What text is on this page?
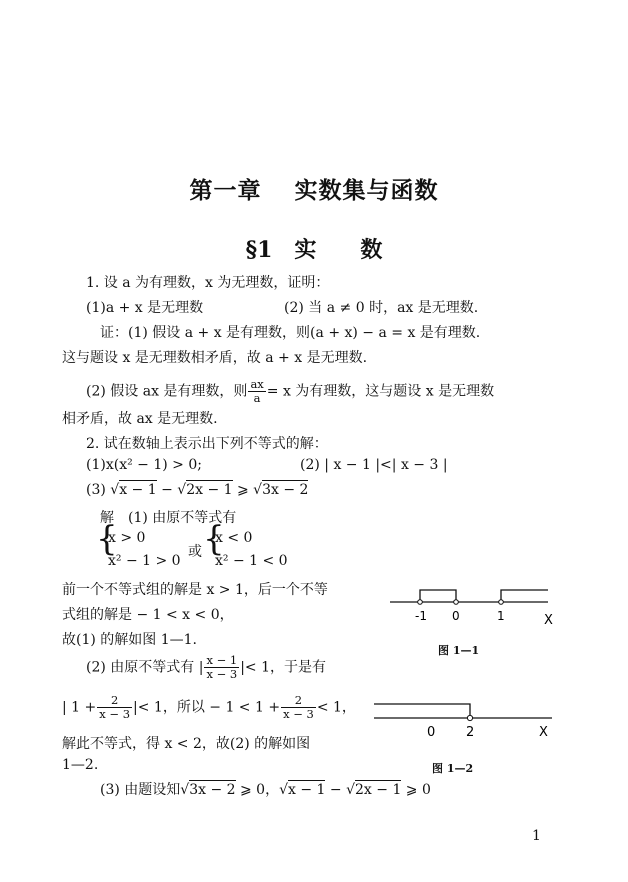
第一章　 实数集与函数
§1　实　　数
1. 设 a 为有理数，x 为无理数，证明：
(1)a + x 是无理数	(2) 当 a ≠ 0 时，ax 是无理数.
证：(1) 假设 a + x 是有理数，则(a + x) − a = x 是有理数.
这与题设 x 是无理数相矛盾，故 a + x 是无理数.
(2) 假设 ax 是有理数，则 $\frac{ax}{a} = x$ 为有理数，这与题设 x 是无理数
相矛盾，故 ax 是无理数.
2. 试在数轴上表示出下列不等式的解：
(1)x(x² − 1) > 0;	(2) | x − 1 |<| x − 3 |
(3) √x − 1 − √2x − 1 ⩾ √3x − 2
解　(1) 由原不等式有
{
x > 0
x² − 1 > 0
或 {
x < 0
x² − 1 < 0
前一个不等式组的解是 x > 1，后一个不等
式组的解是 − 1 < x < 0，
故(1) 的解如图 1—1.
-1 0	1	X
图 1—1
(2) 由原不等式有 | $\frac{x - 1}{x - 3}$ |< 1，于是有
| $1 + \frac{2}{x - 3}$ |< 1，所以 − $1 < 1 + \frac{2}{x - 3} < 1$，
0 2	X
解此不等式，得 x < 2，故(2) 的解如图
1—2.	图 1—2
(3) 由题设知√3x − 2 ⩾ 0，√x − 1 − √2x − 1 ⩾ 0
1
